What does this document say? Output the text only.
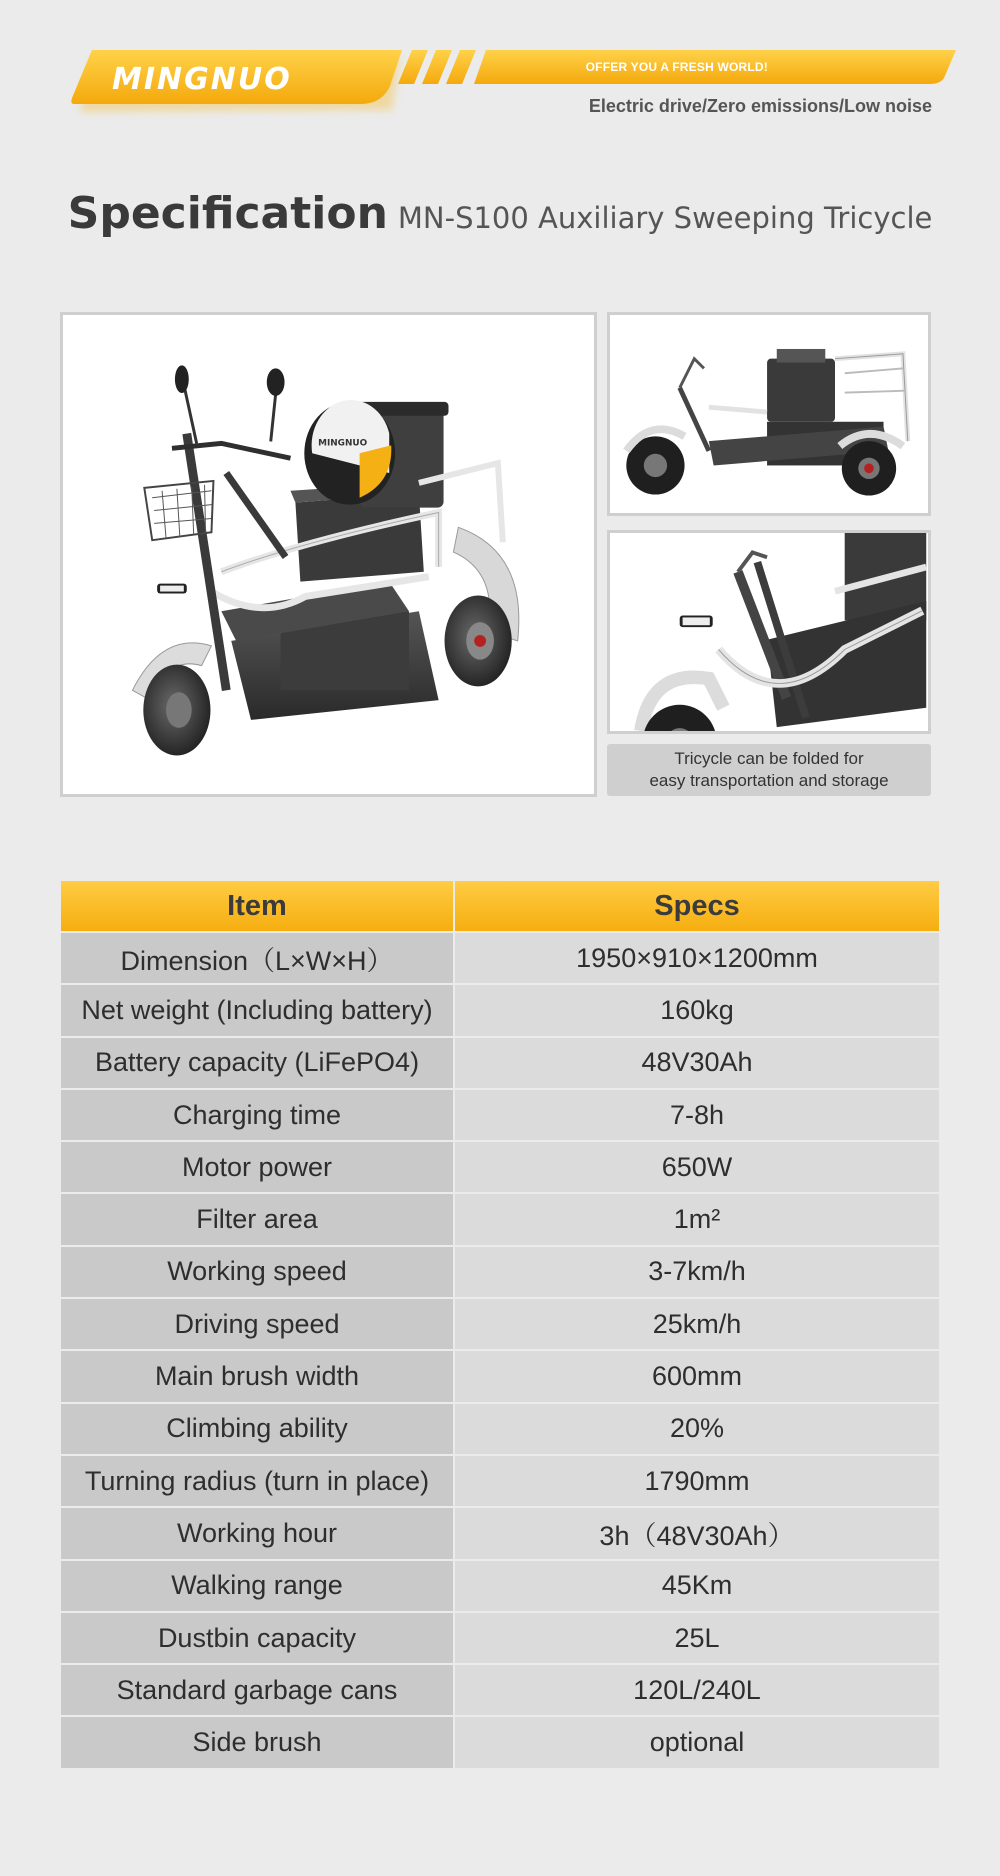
MINGNUO	OFFER YOU A FRESH WORLD!
Electric drive/Zero emissions/Low noise
Specification MN-S100 Auxiliary Sweeping Tricycle
MINGNUO
Tricycle can be folded for
easy transportation and storage
Item	Specs
Dimension（L×W×H）	1950×910×1200mm
Net weight (Including battery)	160kg
Battery capacity (LiFePO4)	48V30Ah
Charging time	7-8h
Motor power	650W
Filter area	1m²
Working speed	3-7km/h
Driving speed	25km/h
Main brush width	600mm
Climbing ability	20%
Turning radius (turn in place)	1790mm
Working hour	3h（48V30Ah）
Walking range	45Km
Dustbin capacity	25L
Standard garbage cans	120L/240L
Side brush	optional
